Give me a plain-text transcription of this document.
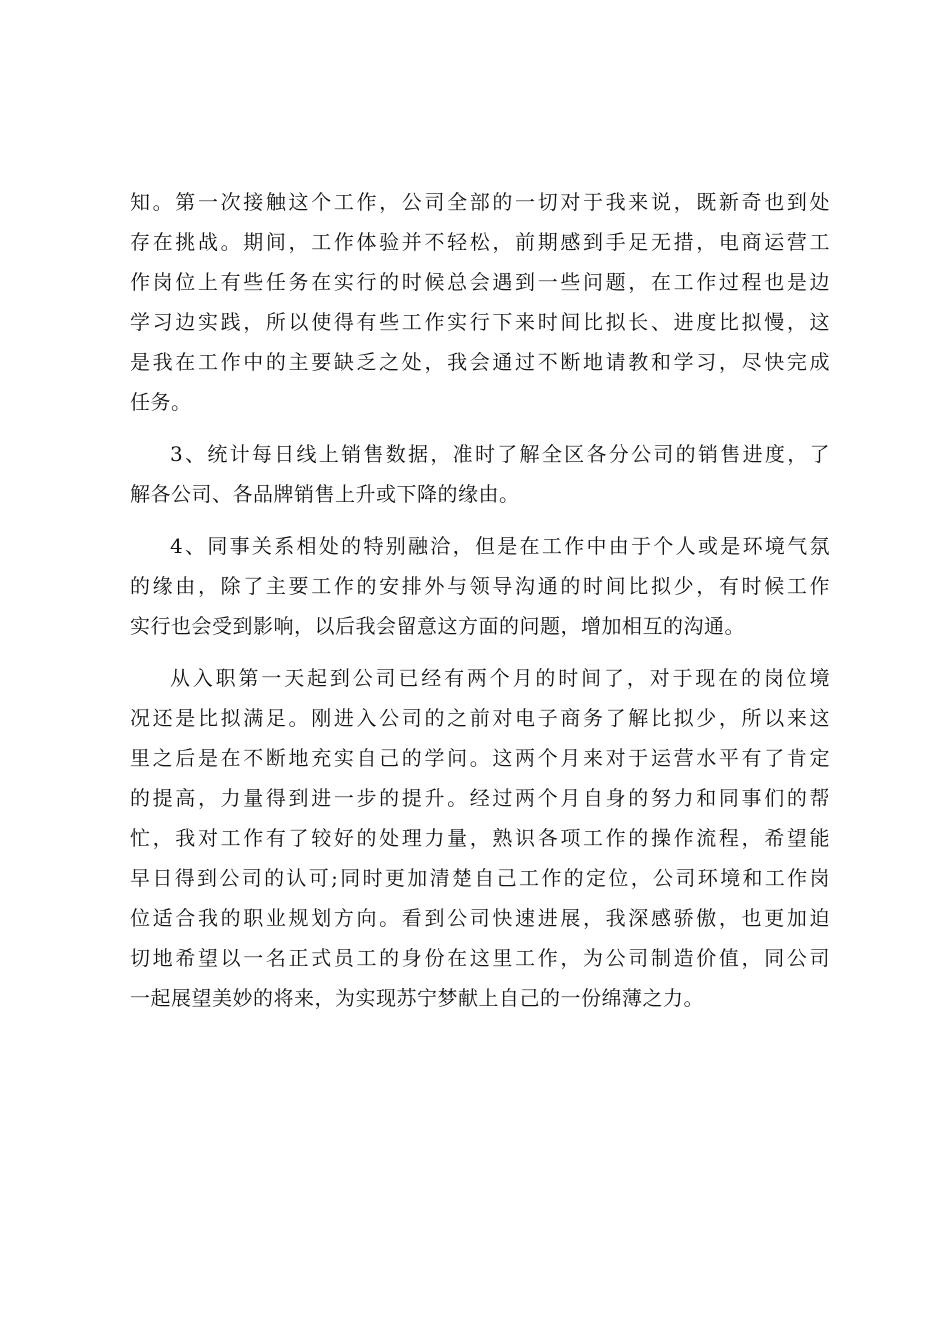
知。第一次接触这个工作，公司全部的一切对于我来说，既新奇也到处
存在挑战。期间，工作体验并不轻松，前期感到手足无措，电商运营工
作岗位上有些任务在实行的时候总会遇到一些问题，在工作过程也是边
学习边实践，所以使得有些工作实行下来时间比拟长、进度比拟慢，这
是我在工作中的主要缺乏之处，我会通过不断地请教和学习，尽快完成
任务。
3、统计每日线上销售数据，准时了解全区各分公司的销售进度，了
解各公司、各品牌销售上升或下降的缘由。
4、同事关系相处的特别融洽，但是在工作中由于个人或是环境气氛
的缘由，除了主要工作的安排外与领导沟通的时间比拟少，有时候工作
实行也会受到影响，以后我会留意这方面的问题，增加相互的沟通。
从入职第一天起到公司已经有两个月的时间了，对于现在的岗位境
况还是比拟满足。刚进入公司的之前对电子商务了解比拟少，所以来这
里之后是在不断地充实自己的学问。这两个月来对于运营水平有了肯定
的提高，力量得到进一步的提升。经过两个月自身的努力和同事们的帮
忙，我对工作有了较好的处理力量，熟识各项工作的操作流程，希望能
早日得到公司的认可;同时更加清楚自己工作的定位，公司环境和工作岗
位适合我的职业规划方向。看到公司快速进展，我深感骄傲，也更加迫
切地希望以一名正式员工的身份在这里工作，为公司制造价值，同公司
一起展望美妙的将来，为实现苏宁梦献上自己的一份绵薄之力。
